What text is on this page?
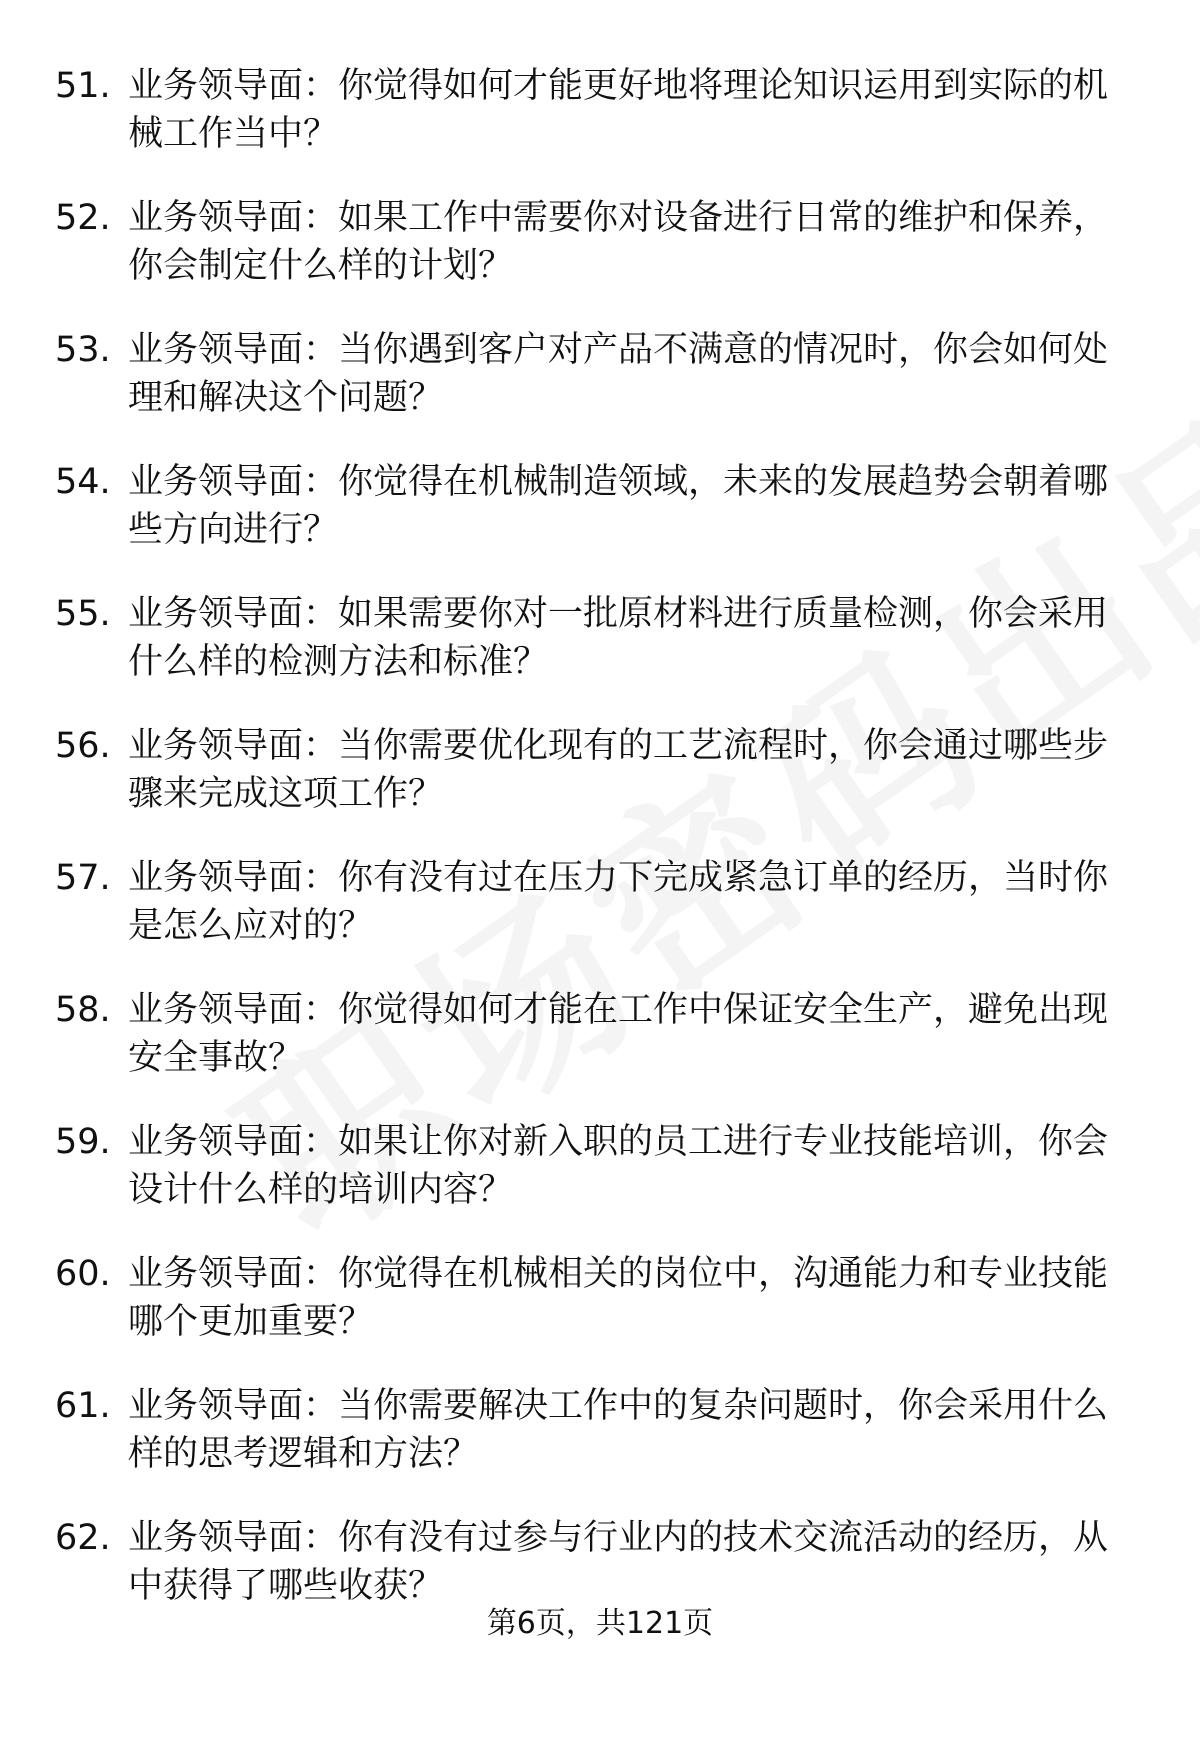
51. 业务领导面：你觉得如何才能更好地将理论知识运用到实际的机械工作当中？
52. 业务领导面：如果工作中需要你对设备进行日常的维护和保养，你会制定什么样的计划？
53. 业务领导面：当你遇到客户对产品不满意的情况时，你会如何处理和解决这个问题？
54. 业务领导面：你觉得在机械制造领域，未来的发展趋势会朝着哪些方向进行？
55. 业务领导面：如果需要你对一批原材料进行质量检测，你会采用什么样的检测方法和标准？
56. 业务领导面：当你需要优化现有的工艺流程时，你会通过哪些步骤来完成这项工作？
57. 业务领导面：你有没有过在压力下完成紧急订单的经历，当时你是怎么应对的？
58. 业务领导面：你觉得如何才能在工作中保证安全生产，避免出现安全事故？
59. 业务领导面：如果让你对新入职的员工进行专业技能培训，你会设计什么样的培训内容？
60. 业务领导面：你觉得在机械相关的岗位中，沟通能力和专业技能哪个更加重要？
61. 业务领导面：当你需要解决工作中的复杂问题时，你会采用什么样的思考逻辑和方法？
62. 业务领导面：你有没有过参与行业内的技术交流活动的经历，从中获得了哪些收获？
第6页，共121页
